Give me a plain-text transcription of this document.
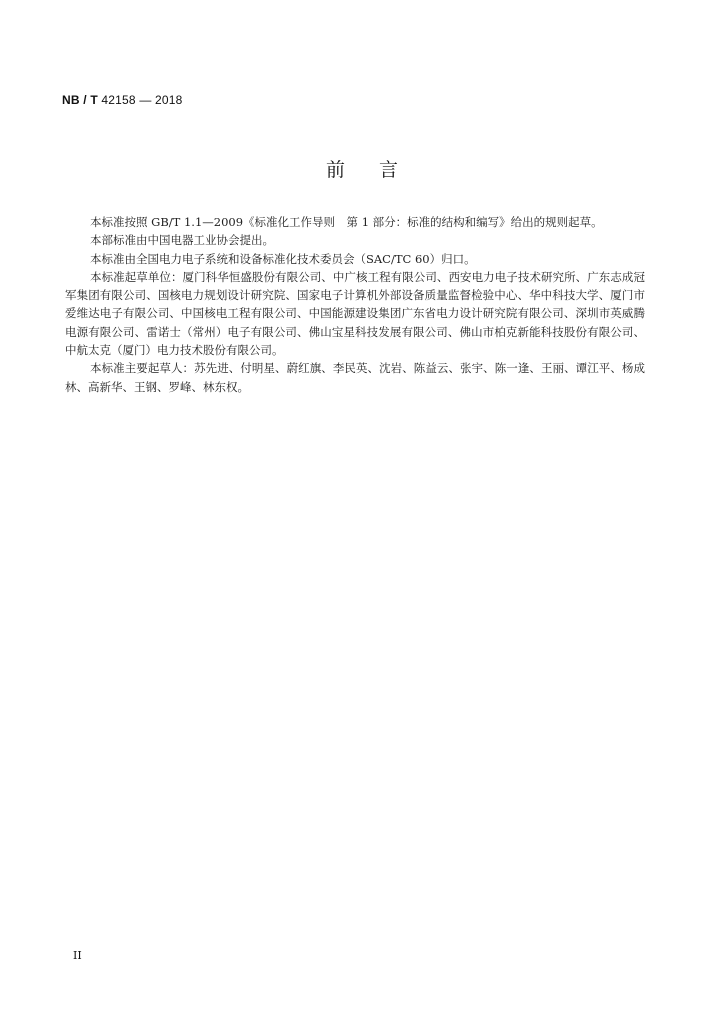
NB / T 42158 — 2018
前言

本标准按照 GB/T 1.1—2009《标准化工作导则　第 1 部分：标准的结构和编写》给出的规则起草。

本部标准由中国电器工业协会提出。

本标准由全国电力电子系统和设备标准化技术委员会（SAC/TC 60）归口。

本标准起草单位：厦门科华恒盛股份有限公司、中广核工程有限公司、西安电力电子技术研究所、广东志成冠军集团有限公司、国核电力规划设计研究院、国家电子计算机外部设备质量监督检验中心、华中科技大学、厦门市爱维达电子有限公司、中国核电工程有限公司、中国能源建设集团广东省电力设计研究院有限公司、深圳市英威腾电源有限公司、雷诺士（常州）电子有限公司、佛山宝星科技发展有限公司、佛山市柏克新能科技股份有限公司、中航太克（厦门）电力技术股份有限公司。

本标准主要起草人：苏先进、付明星、蔚红旗、李民英、沈岩、陈益云、张宇、陈一逢、王丽、谭江平、杨成林、高新华、王钢、罗峰、林东权。

II
